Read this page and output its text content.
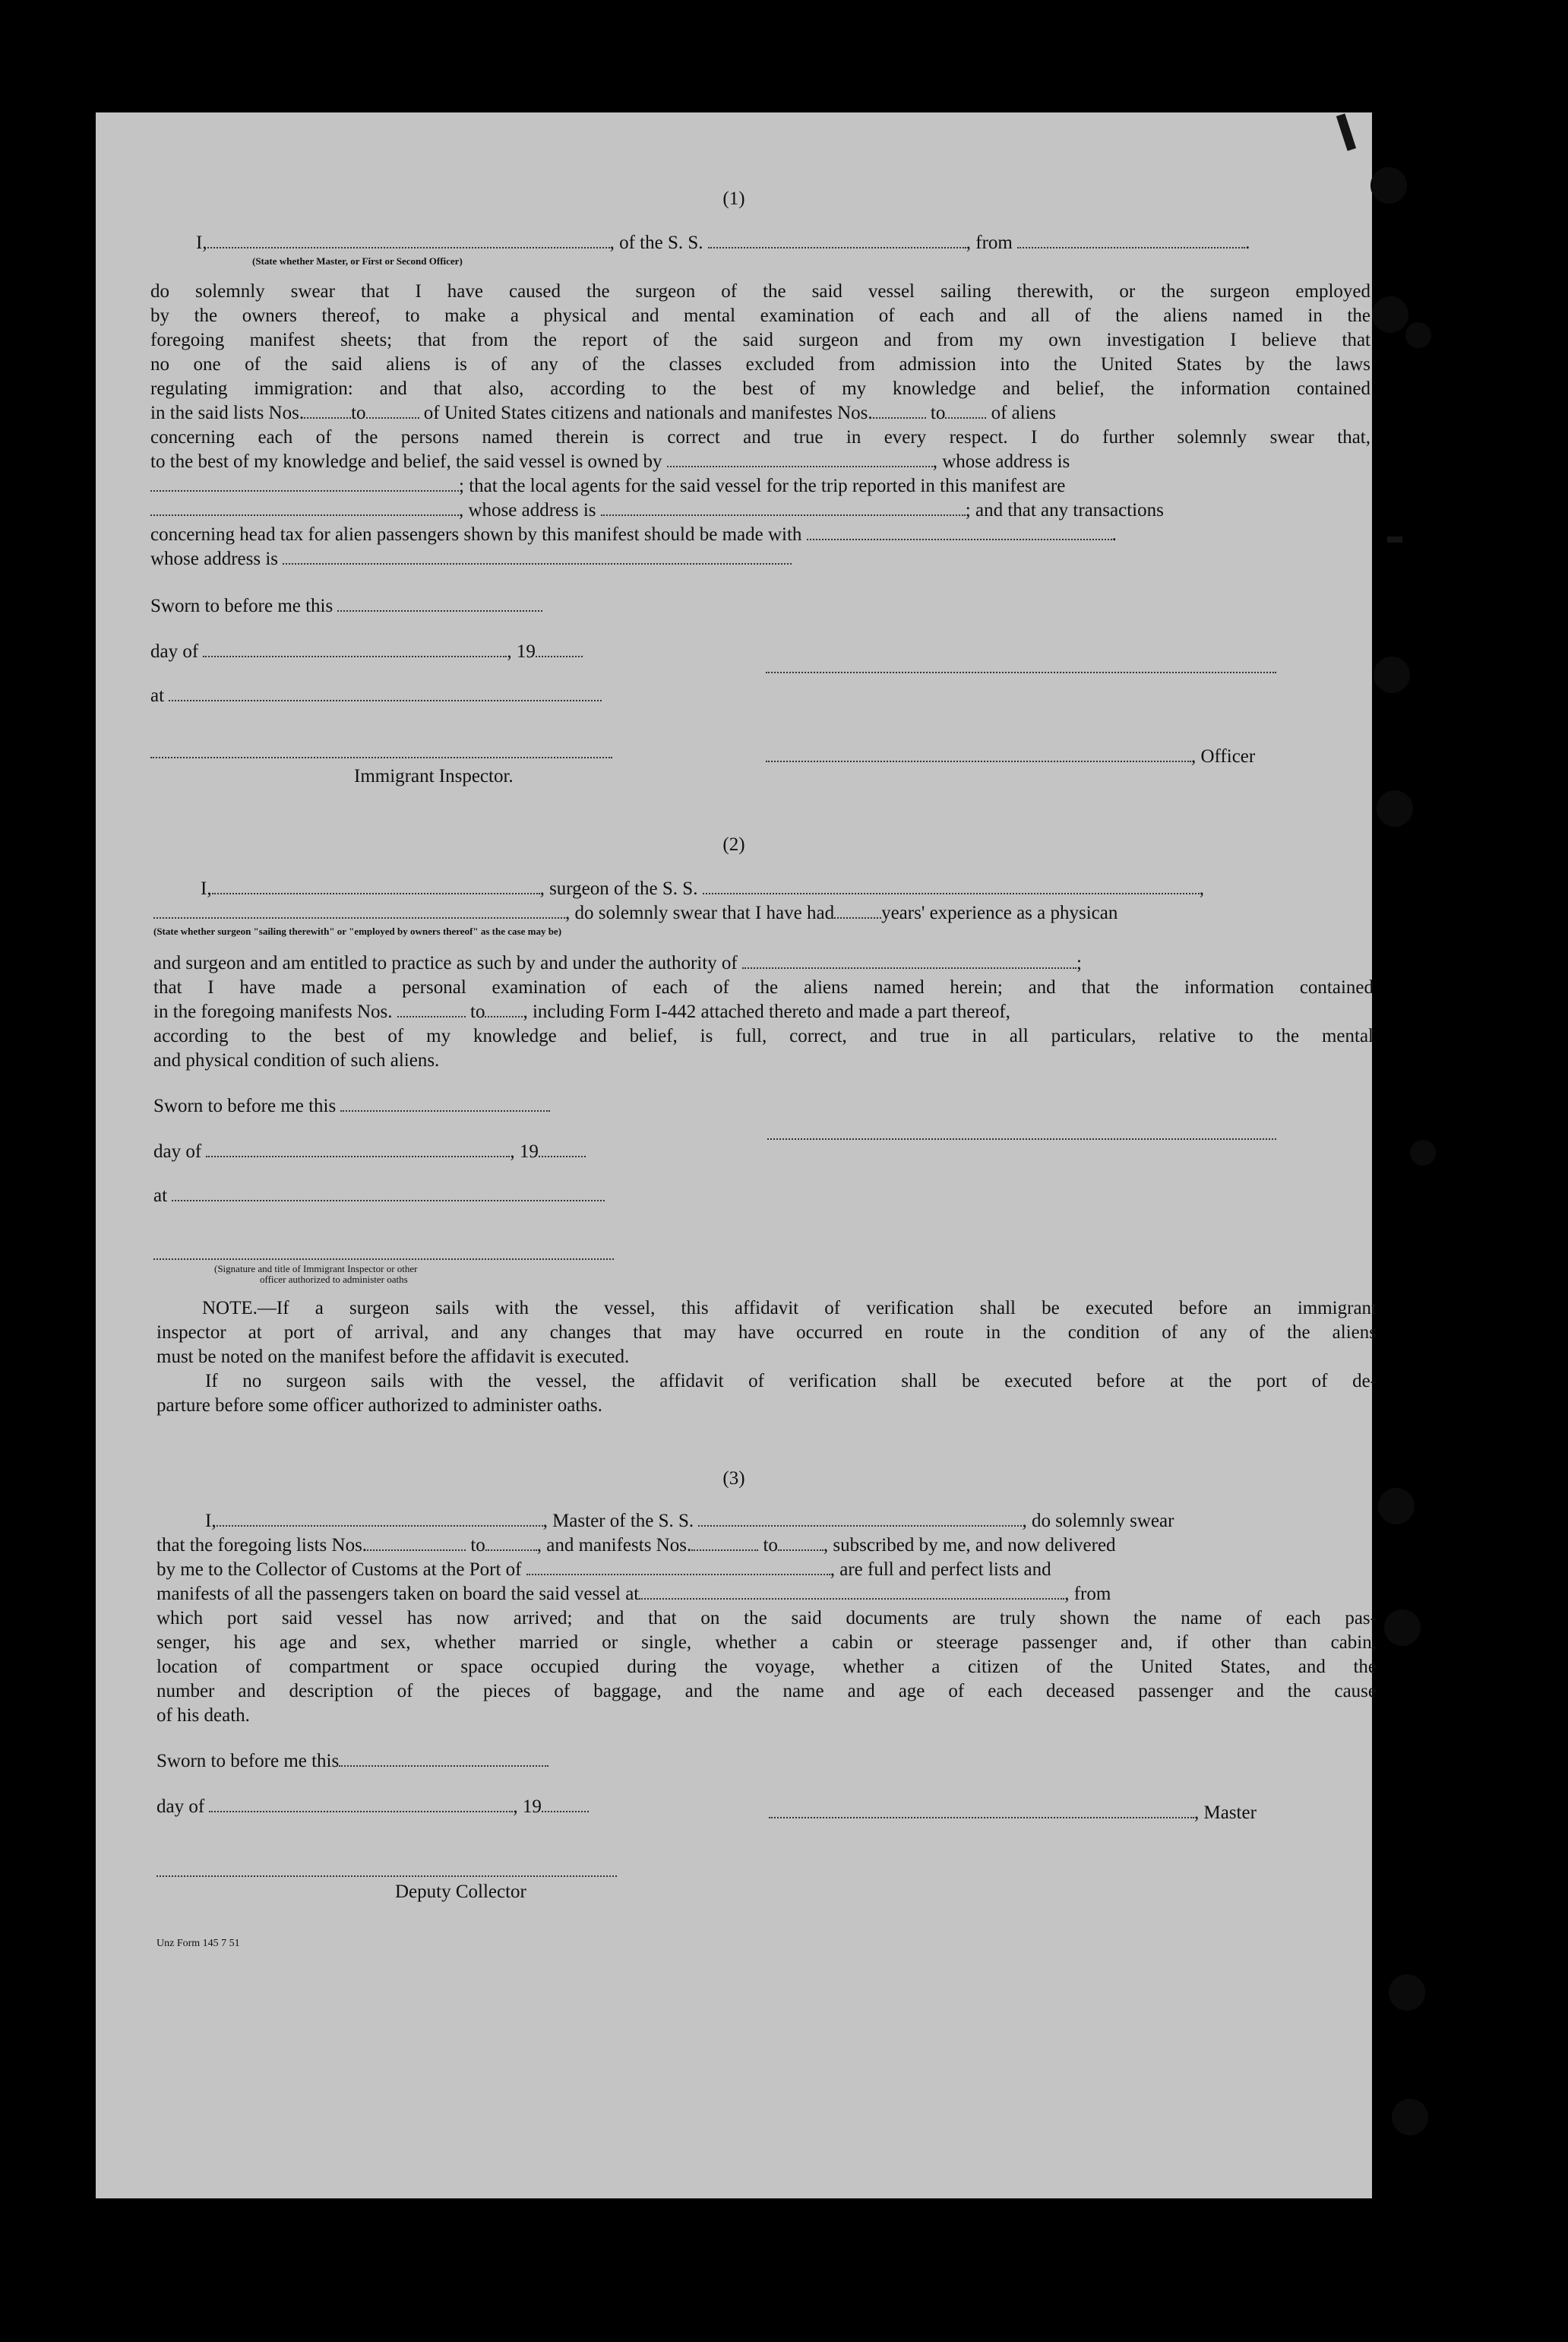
(1)
I,	, of the S. S.	, from	.
(State whether Master, or First or Second Officer)
do solemnly swear that I have caused the surgeon of the said vessel sailing therewith, or the surgeon employed
by the owners thereof, to make a physical and mental examination of each and all of the aliens named in the
foregoing manifest sheets; that from the report of the said surgeon and from my own investigation I believe that
no one of the said aliens is of any of the classes excluded from admission into the United States by the laws
regulating immigration: and that also, according to the best of my knowledge and belief, the information contained
in the said lists Nos. to	of United States citizens and nationals and manifestes Nos.	to of aliens
concerning each of the persons named therein is correct and true in every respect. I do further solemnly swear that,
to the best of my knowledge and belief, the said vessel is owned by	, whose address is
; that the local agents for the said vessel for the trip reported in this manifest are
, whose address is	; and that any transactions
concerning head tax for alien passengers shown by this manifest should be made with	.
whose address is
Sworn to before me this
day of	, 19
at
, Officer
Immigrant Inspector.
(2)
I,	, surgeon of the S. S.	,
, do solemnly swear that I have had years' experience as a physican
(State whether surgeon "sailing therewith" or "employed by owners thereof" as the case may be)
and surgeon and am entitled to practice as such by and under the authority of	;
that I have made a personal examination of each of the aliens named herein; and that the information contained
in the foregoing manifests Nos.	to , including Form I-442 attached thereto and made a part thereof,
according to the best of my knowledge and belief, is full, correct, and true in all particulars, relative to the mental
and physical condition of such aliens.
Sworn to before me this
day of	, 19
at
(Signature and title of Immigrant Inspector or other
officer authorized to administer oaths
NOTE.—If a surgeon sails with the vessel, this affidavit of verification shall be executed before an immigrant
inspector at port of arrival, and any changes that may have occurred en route in the condition of any of the aliens
must be noted on the manifest before the affidavit is executed.
If no surgeon sails with the vessel, the affidavit of verification shall be executed before at the port of de-
parture before some officer authorized to administer oaths.
(3)
I,	, Master of the S. S.	, do solemnly swear
that the foregoing lists Nos.	to	, and manifests Nos.	to , subscribed by me, and now delivered
by me to the Collector of Customs at the Port of	, are full and perfect lists and
manifests of all the passengers taken on board the said vessel at	, from
which port said vessel has now arrived; and that on the said documents are truly shown the name of each pas-
senger, his age and sex, whether married or single, whether a cabin or steerage passenger and, if other than cabin,
location of compartment or space occupied during the voyage, whether a citizen of the United States, and the
number and description of the pieces of baggage, and the name and age of each deceased passenger and the cause
of his death.
Sworn to before me this
day of	, 19	, Master
Deputy Collector
Unz Form 145 7 51
